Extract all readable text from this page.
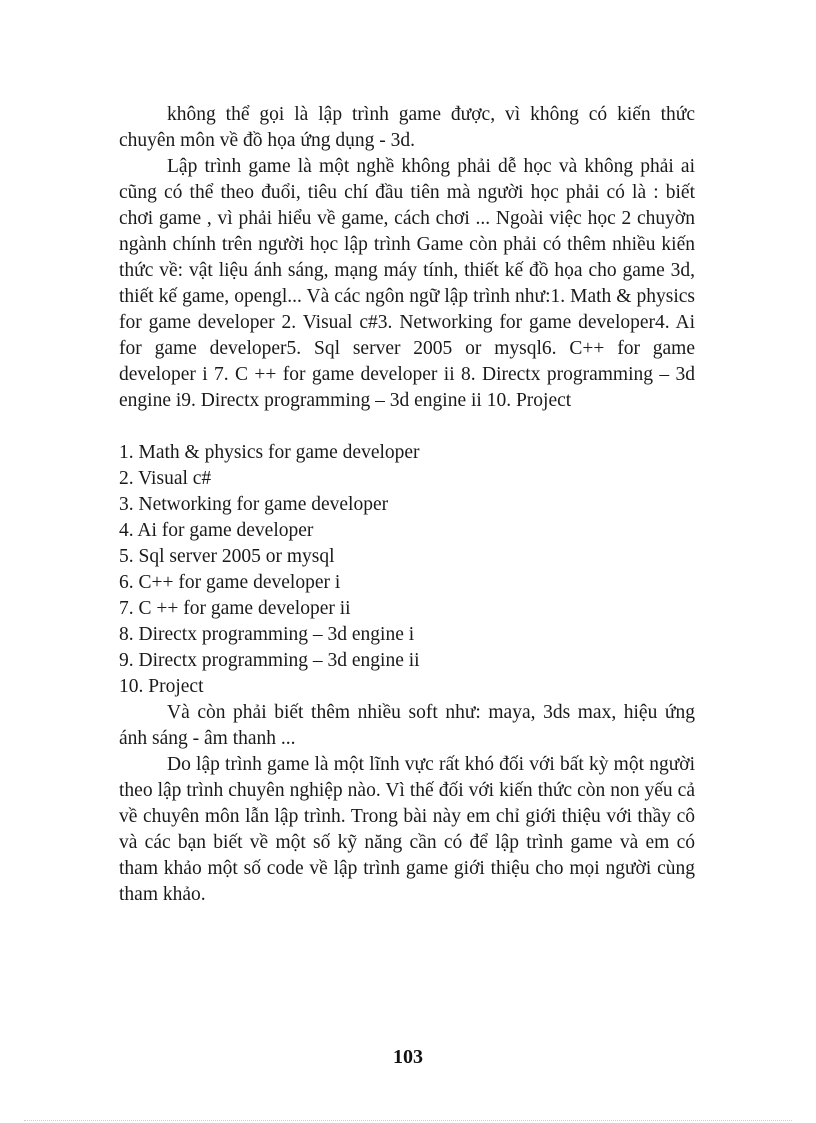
không thể gọi là lập trình game được, vì không có kiến thức chuyên môn về đồ họa ứng dụng - 3d.

Lập trình game là một nghề không phải dễ học và không phải ai cũng có thể theo đuổi, tiêu chí đầu tiên mà người học phải có là : biết chơi game , vì phải hiểu về game, cách chơi ... Ngoài việc học 2 chuyờn ngành chính trên người học lập trình Game còn phải có thêm nhiều kiến thức về: vật liệu ánh sáng, mạng máy tính, thiết kế đồ họa cho game 3d, thiết kế game, opengl... Và các ngôn ngữ lập trình như:1. Math & physics for game developer 2. Visual c#3. Networking for game developer4. Ai for game developer5. Sql server 2005 or mysql6. C++ for game developer i 7. C ++ for game developer ii 8. Directx programming – 3d engine i9. Directx programming – 3d engine ii 10. Project

1. Math & physics for game developer
2. Visual c#
3. Networking for game developer
4. Ai for game developer
5. Sql server 2005 or mysql
6. C++ for game developer i
7. C ++ for game developer ii
8. Directx programming – 3d engine i
9. Directx programming – 3d engine ii
10. Project

Và còn phải biết thêm nhiều soft như: maya, 3ds max, hiệu ứng ánh sáng - âm thanh ...

Do lập trình game là một lĩnh vực rất khó đối với bất kỳ một người theo lập trình chuyên nghiệp nào. Vì thế đối với kiến thức còn non yếu cả về chuyên môn lẫn lập trình. Trong bài này em chỉ giới thiệu với thầy cô và các bạn biết về một số kỹ năng cần có để lập trình game và em có tham khảo một số code về lập trình game giới thiệu cho mọi người cùng tham khảo.

103
